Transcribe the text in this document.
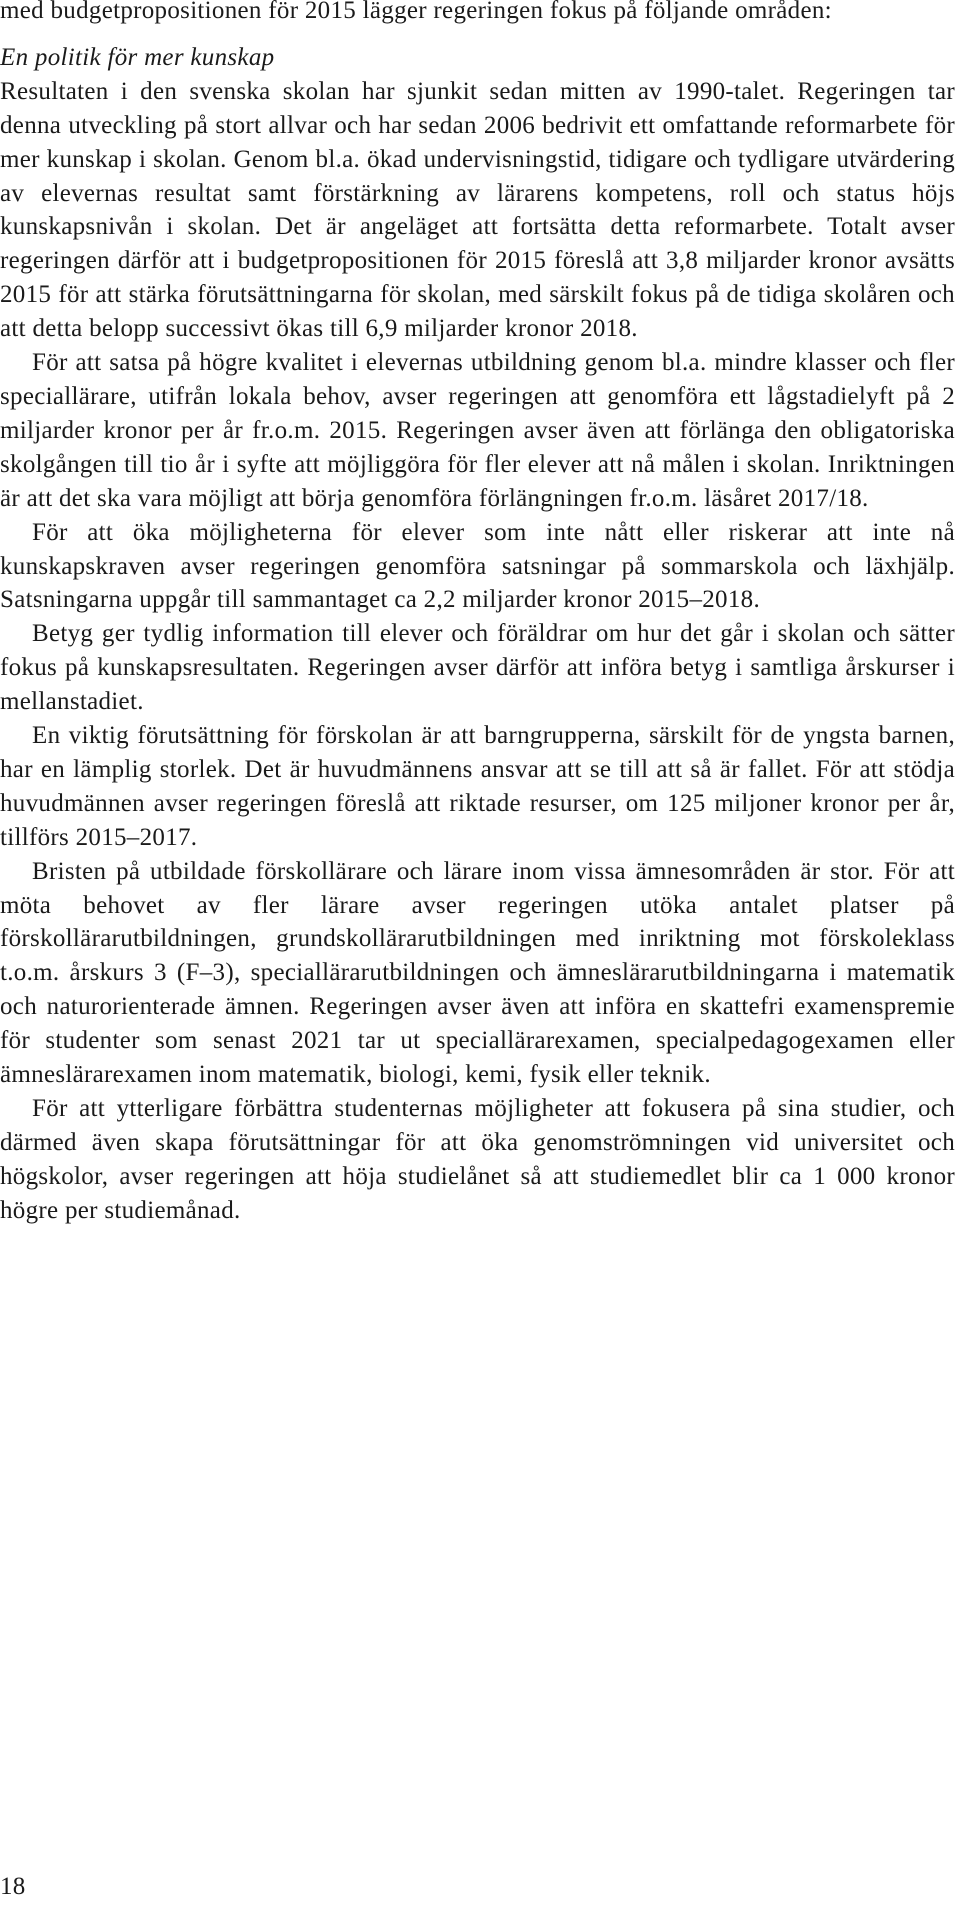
med budgetpropositionen för 2015 lägger regeringen fokus på följande områden:

En politik för mer kunskap

Resultaten i den svenska skolan har sjunkit sedan mitten av 1990-talet. Regeringen tar denna utveckling på stort allvar och har sedan 2006 bedrivit ett omfattande reformarbete för mer kunskap i skolan. Genom bl.a. ökad undervisningstid, tidigare och tydligare utvärdering av elevernas resultat samt förstärkning av lärarens kompetens, roll och status höjs kunskapsnivån i skolan. Det är angeläget att fortsätta detta reformarbete. Totalt avser regeringen därför att i budgetpropositionen för 2015 föreslå att 3,8 miljarder kronor avsätts 2015 för att stärka förutsättningarna för skolan, med särskilt fokus på de tidiga skolåren och att detta belopp successivt ökas till 6,9 miljarder kronor 2018.

För att satsa på högre kvalitet i elevernas utbildning genom bl.a. mindre klasser och fler speciallärare, utifrån lokala behov, avser regeringen att genomföra ett lågstadielyft på 2 miljarder kronor per år fr.o.m. 2015. Regeringen avser även att förlänga den obligatoriska skolgången till tio år i syfte att möjliggöra för fler elever att nå målen i skolan. Inriktningen är att det ska vara möjligt att börja genomföra förlängningen fr.o.m. läsåret 2017/18.

För att öka möjligheterna för elever som inte nått eller riskerar att inte nå kunskapskraven avser regeringen genomföra satsningar på sommarskola och läxhjälp. Satsningarna uppgår till sammantaget ca 2,2 miljarder kronor 2015–2018.

Betyg ger tydlig information till elever och föräldrar om hur det går i skolan och sätter fokus på kunskapsresultaten. Regeringen avser därför att införa betyg i samtliga årskurser i mellanstadiet.

En viktig förutsättning för förskolan är att barngrupperna, särskilt för de yngsta barnen, har en lämplig storlek. Det är huvudmännens ansvar att se till att så är fallet. För att stödja huvudmännen avser regeringen föreslå att riktade resurser, om 125 miljoner kronor per år, tillförs 2015–2017.

Bristen på utbildade förskollärare och lärare inom vissa ämnesområden är stor. För att möta behovet av fler lärare avser regeringen utöka antalet platser på förskollärarutbildningen, grundskollärarutbildningen med inriktning mot förskoleklass t.o.m. årskurs 3 (F–3), speciallärarutbildningen och ämneslärarutbildningarna i matematik och naturorienterade ämnen. Regeringen avser även att införa en skattefri examenspremie för studenter som senast 2021 tar ut speciallärarexamen, specialpedagogexamen eller ämneslärarexamen inom matematik, biologi, kemi, fysik eller teknik.

För att ytterligare förbättra studenternas möjligheter att fokusera på sina studier, och därmed även skapa förutsättningar för att öka genomströmningen vid universitet och högskolor, avser regeringen att höja studielånet så att studiemedlet blir ca 1 000 kronor högre per studiemånad.

18
